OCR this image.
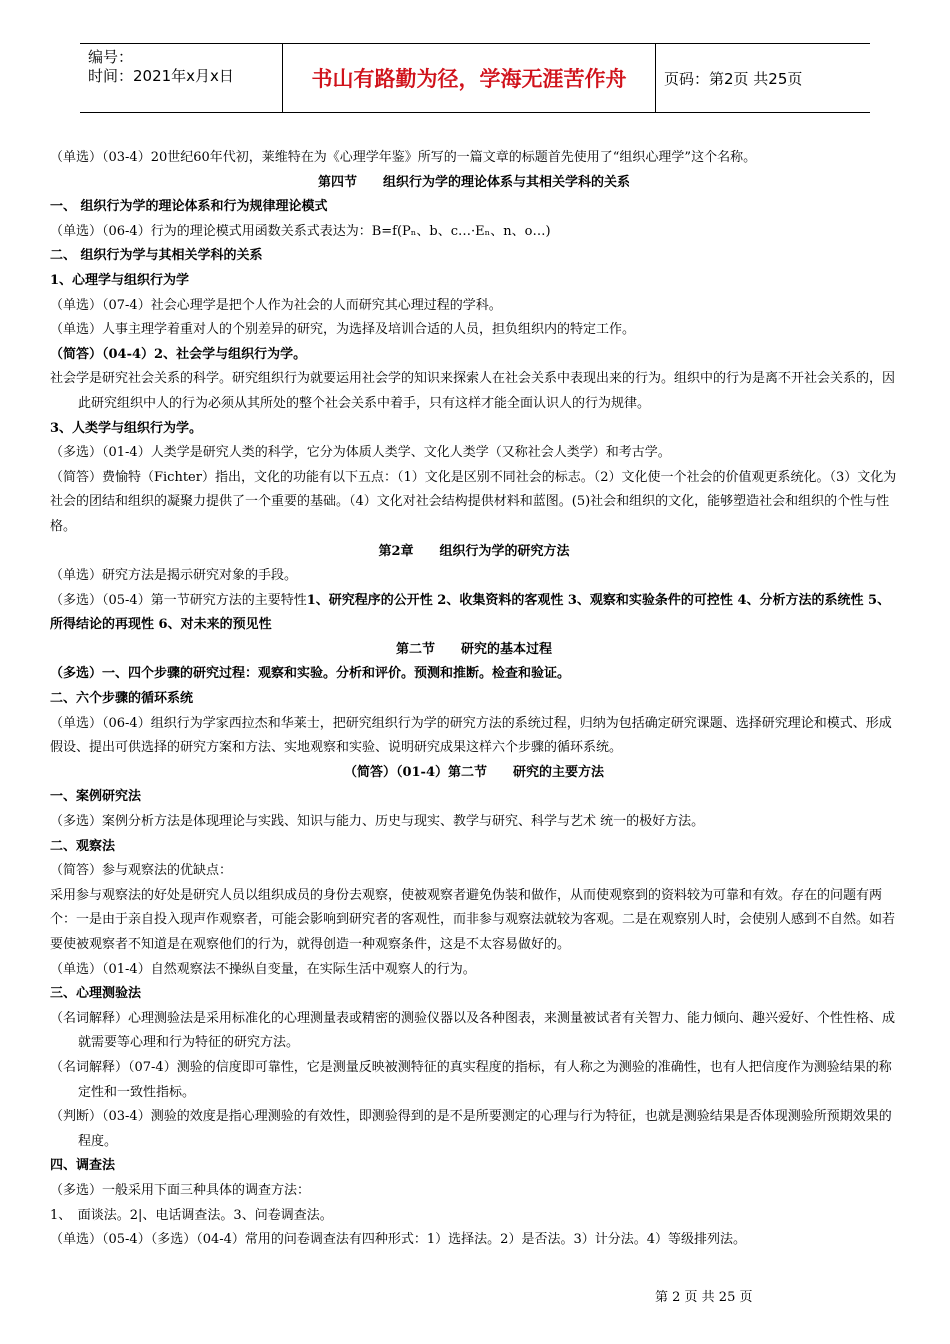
编号：
时间：2021年x月x日	书山有路勤为径，学海无涯苦作舟	页码：第2页 共25页

（单选）（03-4）20世纪60年代初，莱维特在为《心理学年鉴》所写的一篇文章的标题首先使用了“组织心理学”这个名称。

第四节　　组织行为学的理论体系与其相关学科的关系

一、 组织行为学的理论体系和行为规律理论模式

（单选）（06-4）行为的理论模式用函数关系式表达为：B=f(Pₙ、b、c…·Eₙ、n、o…)

二、 组织行为学与其相关学科的关系

1、心理学与组织行为学

（单选）（07-4）社会心理学是把个人作为社会的人而研究其心理过程的学科。

（单选）人事主理学着重对人的个别差异的研究，为选择及培训合适的人员，担负组织内的特定工作。

（简答）（04-4）2、社会学与组织行为学。

社会学是研究社会关系的科学。研究组织行为就要运用社会学的知识来探索人在社会关系中表现出来的行为。组织中的行为是离不开社会关系的，因此研究组织中人的行为必须从其所处的整个社会关系中着手，只有这样才能全面认识人的行为规律。

3、人类学与组织行为学。

（多选）（01-4）人类学是研究人类的科学，它分为体质人类学、文化人类学（又称社会人类学）和考古学。

（简答）费愉特（Fichter）指出，文化的功能有以下五点：（1）文化是区别不同社会的标志。（2）文化使一个社会的价值观更系统化。（3）文化为社会的团结和组织的凝聚力提供了一个重要的基础。（4）文化对社会结构提供材料和蓝图。(5)社会和组织的文化，能够塑造社会和组织的个性与性格。

第2章　　组织行为学的研究方法

（单选）研究方法是揭示研究对象的手段。

（多选）（05-4）第一节研究方法的主要特性1、研究程序的公开性 2、收集资料的客观性 3、观察和实验条件的可控性 4、分析方法的系统性 5、所得结论的再现性 6、对未来的预见性

第二节　　研究的基本过程

（多选）一、四个步骤的研究过程：观察和实验。分析和评价。预测和推断。检查和验证。

二、六个步骤的循环系统

（单选）（06-4）组织行为学家西拉杰和华莱士，把研究组织行为学的研究方法的系统过程，归纳为包括确定研究课题、选择研究理论和模式、形成假设、提出可供选择的研究方案和方法、实地观察和实验、说明研究成果这样六个步骤的循环系统。

（简答）（01-4）第二节　　研究的主要方法

一、案例研究法

（多选）案例分析方法是体现理论与实践、知识与能力、历史与现实、教学与研究、科学与艺术 统一的极好方法。

二、观察法

（简答）参与观察法的优缺点：

采用参与观察法的好处是研究人员以组织成员的身份去观察，使被观察者避免伪装和做作，从而使观察到的资料较为可靠和有效。存在的问题有两个：一是由于亲自投入现声作观察者，可能会影响到研究者的客观性，而非参与观察法就较为客观。二是在观察别人时，会使别人感到不自然。如若要使被观察者不知道是在观察他们的行为，就得创造一种观察条件，这是不太容易做好的。

（单选）（01-4）自然观察法不操纵自变量，在实际生活中观察人的行为。

三、心理测验法

（名词解释）心理测验法是采用标准化的心理测量表或精密的测验仪器以及各种图表，来测量被试者有关智力、能力倾向、趣兴爱好、个性性格、成就需要等心理和行为特征的研究方法。

（名词解释）（07-4）测验的信度即可靠性，它是测量反映被测特征的真实程度的指标，有人称之为测验的准确性，也有人把信度作为测验结果的称定性和一致性指标。

（判断）（03-4）测验的效度是指心理测验的有效性，即测验得到的是不是所要测定的心理与行为特征，也就是测验结果是否体现测验所预期效果的程度。

四、调查法

（多选）一般采用下面三种具体的调查方法：

1、　面谈法。2|、电话调查法。3、问卷调查法。

（单选）（05-4）（多选）（04-4）常用的问卷调查法有四种形式：1）选择法。2）是否法。3）计分法。4）等级排列法。

第 2 页 共 25 页
